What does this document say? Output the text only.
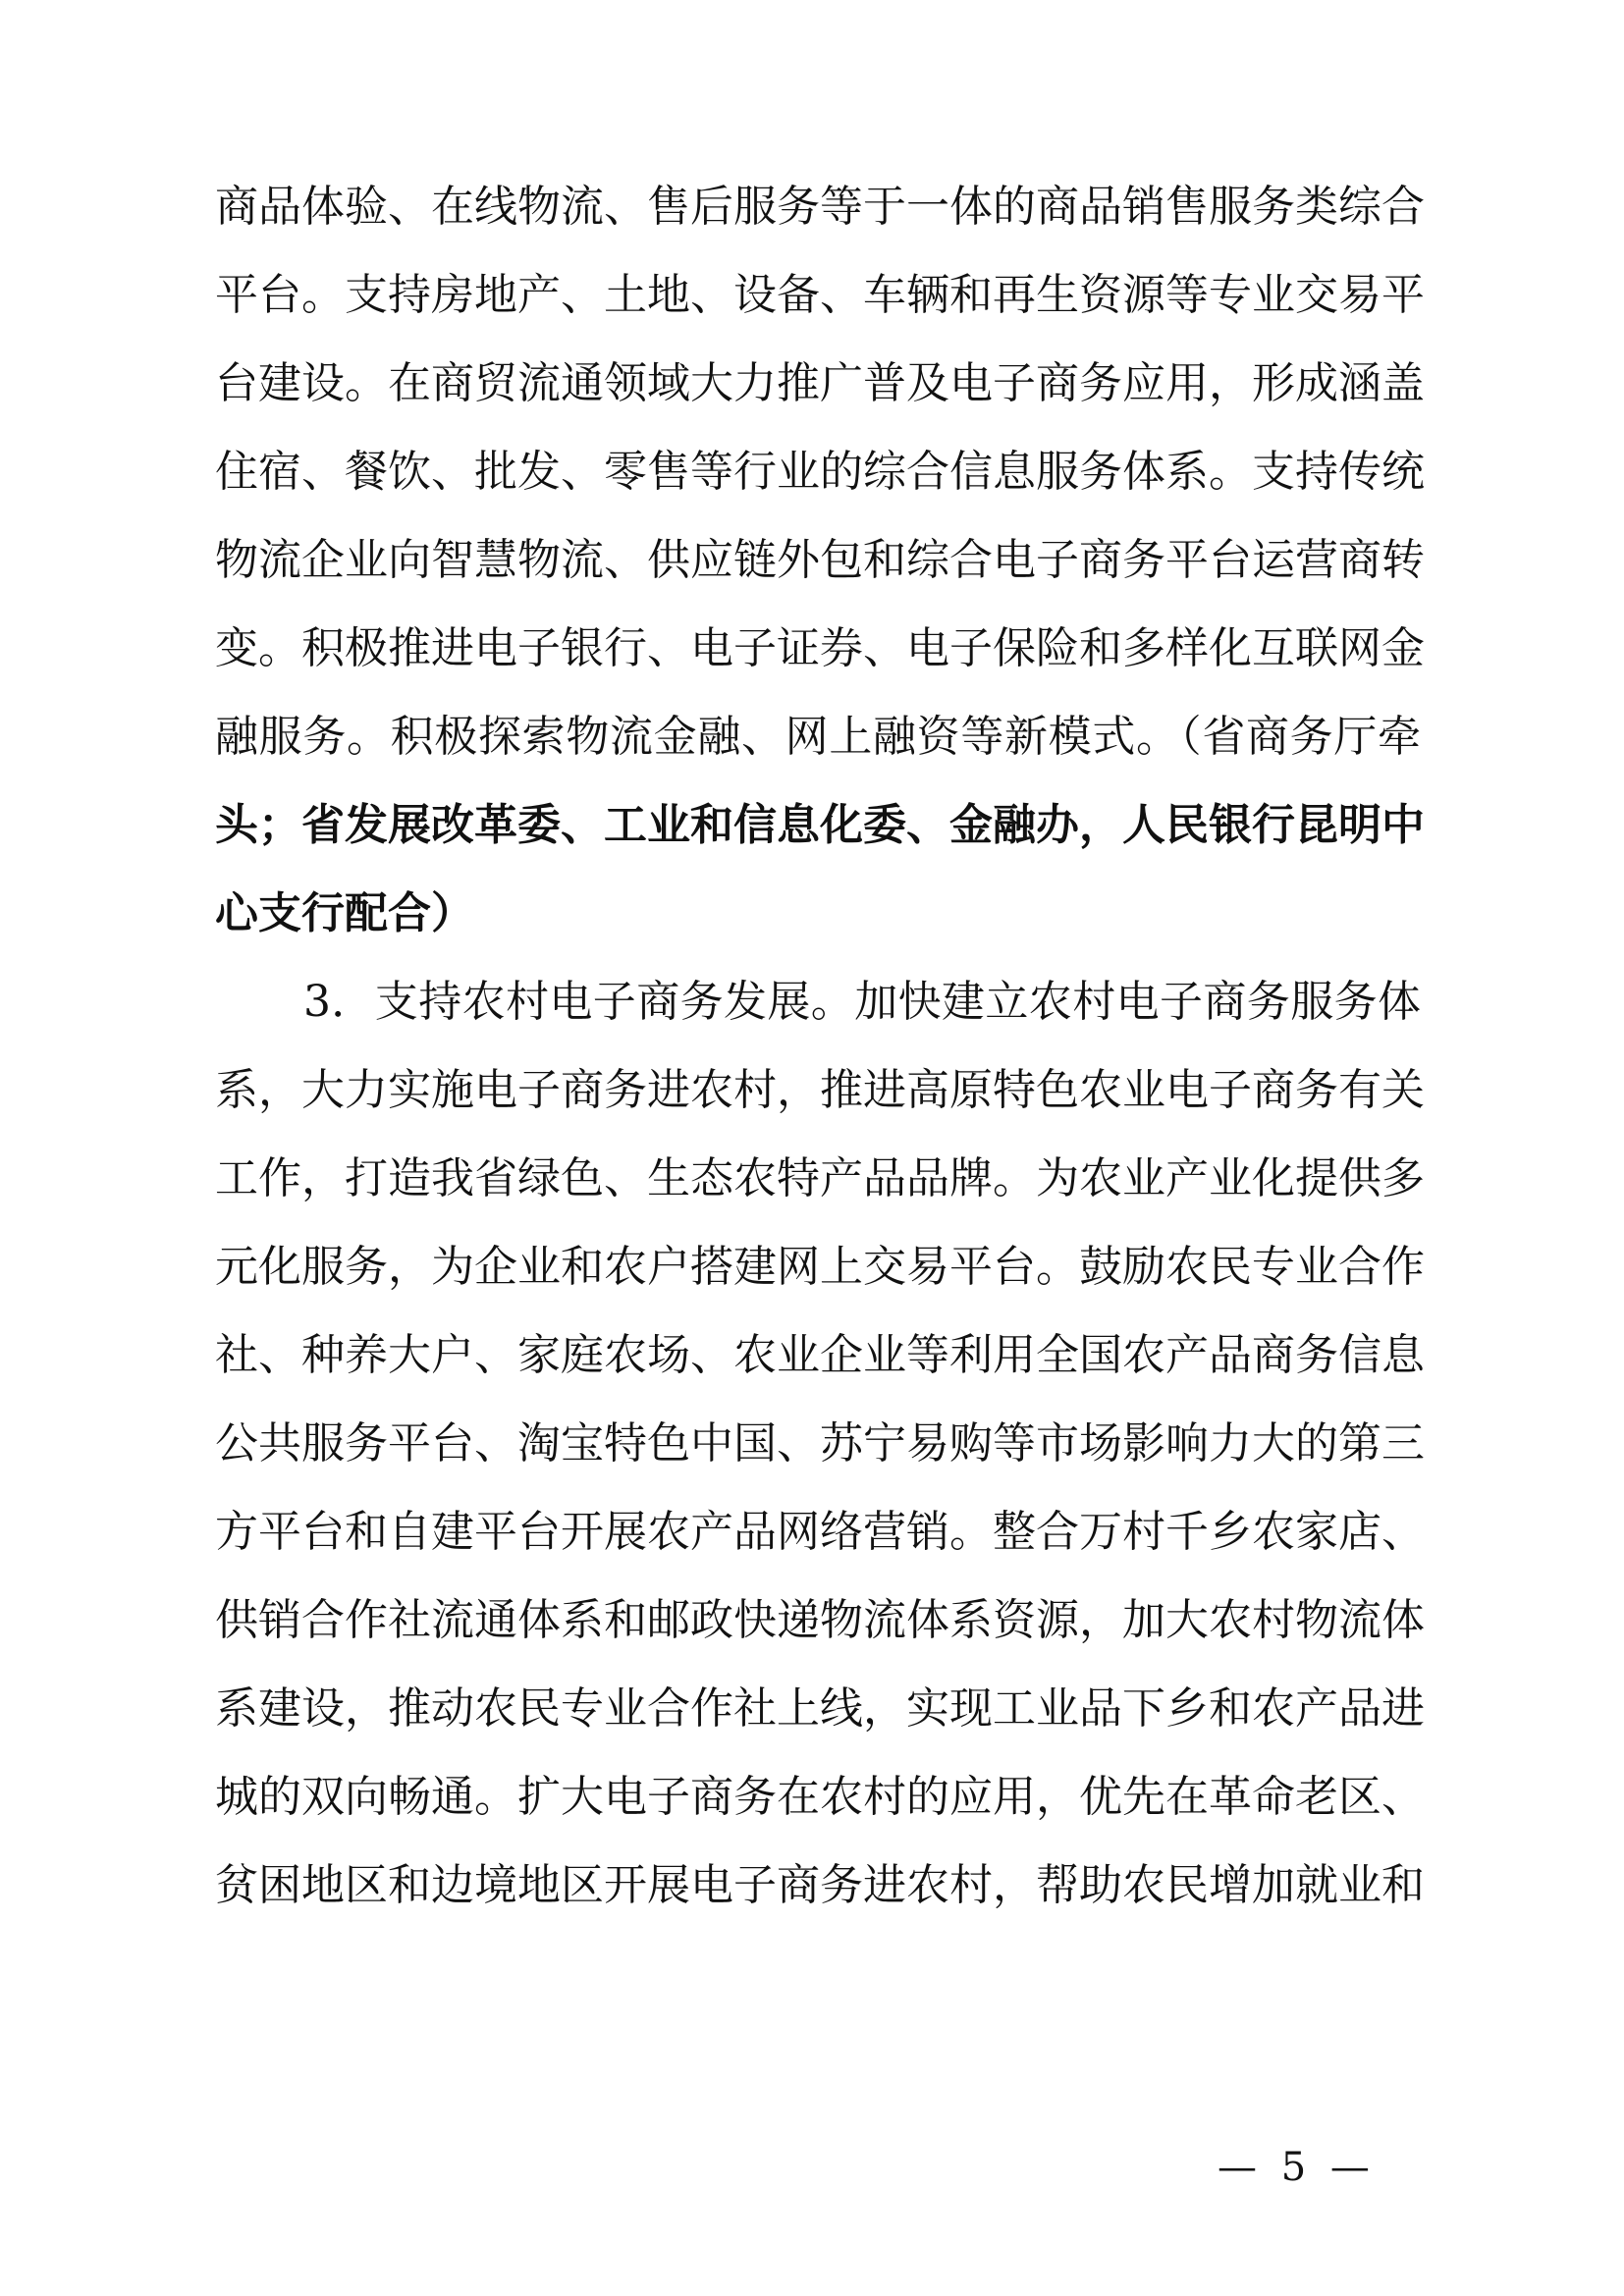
商品体验、在线物流、售后服务等于一体的商品销售服务类综合
平台。支持房地产、土地、设备、车辆和再生资源等专业交易平
台建设。在商贸流通领域大力推广普及电子商务应用，形成涵盖
住宿、餐饮、批发、零售等行业的综合信息服务体系。支持传统
物流企业向智慧物流、供应链外包和综合电子商务平台运营商转
变。积极推进电子银行、电子证券、电子保险和多样化互联网金
融服务。积极探索物流金融、网上融资等新模式。（省商务厅牵
头；省发展改革委、工业和信息化委、金融办，人民银行昆明中
心支行配合）
3．支持农村电子商务发展。加快建立农村电子商务服务体
系，大力实施电子商务进农村，推进高原特色农业电子商务有关
工作，打造我省绿色、生态农特产品品牌。为农业产业化提供多
元化服务，为企业和农户搭建网上交易平台。鼓励农民专业合作
社、种养大户、家庭农场、农业企业等利用全国农产品商务信息
公共服务平台、淘宝特色中国、苏宁易购等市场影响力大的第三
方平台和自建平台开展农产品网络营销。整合万村千乡农家店、
供销合作社流通体系和邮政快递物流体系资源，加大农村物流体
系建设，推动农民专业合作社上线，实现工业品下乡和农产品进
城的双向畅通。扩大电子商务在农村的应用，优先在革命老区、
贫困地区和边境地区开展电子商务进农村，帮助农民增加就业和
— 5 —
